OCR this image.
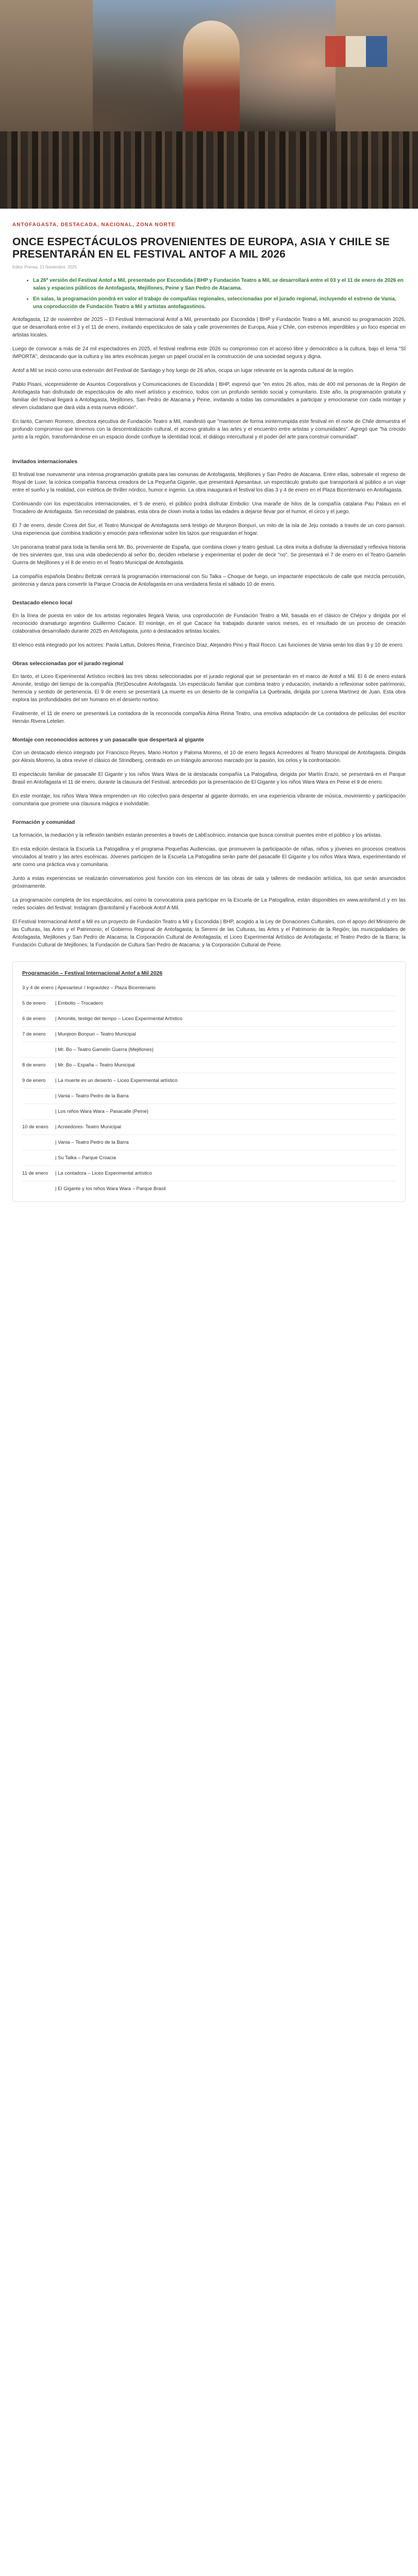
ANTOFAGASTA, DESTACADA, NACIONAL, ZONA NORTE
ONCE ESPECTÁCULOS PROVENIENTES DE EUROPA, ASIA Y CHILE SE PRESENTARÁN EN EL FESTIVAL ANTOF A MIL 2026
Editor Prensa, 13 Noviembre, 2025
• La 26ª versión del Festival Antof a Mil, presentado por Escondida | BHP y Fundación Teatro a Mil, se desarrollará entre el 03 y el 11 de enero de 2026 en salas y espacios públicos de Antofagasta, Mejillones, Peine y San Pedro de Atacama.
• En salas, la programación pondrá en valor el trabajo de compañías regionales, seleccionadas por el jurado regional, incluyendo el estreno de Vania, una coproducción de Fundación Teatro a Mil y artistas antofagastinos.

Antofagasta, 12 de noviembre de 2025 – El Festival Internacional Antof a Mil, presentado por Escondida | BHP y Fundación Teatro a Mil, anunció su programación 2026, que se desarrollará entre el 3 y el 11 de enero, invitando espectáculos de sala y calle provenientes de Europa, Asia y Chile, con estrenos imperdibles y un foco especial en artistas locales.

Luego de convocar a más de 24 mil espectadores en 2025, el festival reafirma este 2026 su compromiso con el acceso libre y democrático a la cultura, bajo el lema "SÍ IMPORTA", destacando que la cultura y las artes escénicas juegan un papel crucial en la construcción de una sociedad segura y digna.

Antof a Mil se inició como una extensión del Festival de Santiago y hoy luego de 26 años, ocupa un lugar relevante en la agenda cultural de la región.

Pablo Pisani, vicepresidente de Asuntos Corporativos y Comunicaciones de Escondida | BHP, expresó que "en estos 26 años, más de 400 mil personas de la Región de Antofagasta han disfrutado de espectáculos de alto nivel artístico y escénico, todos con un profundo sentido social y comunitario. Este año, la programación gratuita y familiar del festival llegará a Antofagasta, Mejillones, San Pedro de Atacama y Peine, invitando a todas las comunidades a participar y emocionarse con cada montaje y eleven ciudadano que dará vida a esta nueva edición".

En tanto, Carmen Romero, directora ejecutiva de Fundación Teatro a Mil, manifestó que "mantener de forma ininterrumpida este festival en el norte de Chile demuestra el profundo compromiso que tenemos con la descentralización cultural, el acceso gratuito a las artes y el encuentro entre artistas y comunidades". Agregó que "ha crecido junto a la región, transformándose en un espacio donde confluye la identidad local, el diálogo intercultural y el poder del arte para construir comunidad".

Invitados internacionales

El festival trae nuevamente una intensa programación gratuita para las comunas de Antofagasta, Mejillones y San Pedro de Atacama. Entre ellas, sobresale el regreso de Royal de Luxe, la icónica compañía francesa creadora de La Pequeña Gigante, que presentará Apesantaur, un espectáculo gratuito que transportará al público a un viaje entre el sueño y la realidad, con estética de thriller nórdico, humor e ingenio. La obra inaugurará el festival los días 3 y 4 de enero en el Plaza Bicentenario en Antofagasta.

Continuando con los espectáculos internacionales, el 5 de enero, el público podrá disfrutar Embolio: Una marañe de hilos de la compañía catalana Pau Palaus en el Trocadero de Antofagasta. Sin necesidad de palabras, esta obra de clown invita a todas las edades a dejarse llevar por el humor, el circo y el juego.

El 7 de enero, desde Corea del Sur, el Teatro Municipal de Antofagasta será testigo de Munjeon Bonpuri, un mito de la isla de Jeju contado a través de un coro pansori. Una experiencia que combina tradición y emoción para reflexionar sobre los lazos que resguardan el hogar.

Un panorama teatral para toda la familia será Mr. Bo, proveniente de España, que combina clown y teatro gestual. La obra invita a disfrutar la diversidad y reflexiva historia de tres sirvientes que, tras una vida obedeciendo al señor Bo, deciden rebelarse y experimentar el poder de decir "no". Se presentará el 7 de enero en el Teatro Gamelin Guerra de Mejillones y el 8 de enero en el Teatro Municipal de Antofagasta.

La compañía española Deabru Beltzak cerrará la programación internacional con Su Talka – Choque de fuego, un impactante espectáculo de calle que mezcla percusión, pirotecnia y danza para convertir la Parque Croacia de Antofagasta en una verdadera fiesta el sábado 10 de enero.

Destacado elenco local

En la línea de puesta en valor de los artistas regionales llegará Vania, una coproducción de Fundación Teatro a Mil, basada en el clásico de Chéjov y dirigida por el reconocido dramaturgo argentino Guillermo Cacace. El montaje, en el que Cacace ha trabajado durante varios meses, es el resultado de un proceso de creación colaborativa desarrollado durante 2025 en Antofagasta, junto a destacados artistas locales.

El elenco está integrado por los actores: Paola Lattus, Dolores Reina, Francisco Díaz, Alejandro Pino y Raúl Rocco. Las funciones de Vania serán los días 9 y 10 de enero.

Obras seleccionadas por el jurado regional

En tanto, el Liceo Experimental Artístico recibirá las tres obras seleccionadas por el jurado regional que se presentarán en el marco de Antof a Mil. El 6 de enero estará Amonite, testigo del tiempo de la compañía (Re)Descubre Antofagasta. Un espectáculo familiar que combina teatro y educación, invitando a reflexionar sobre patrimonio, herencia y sentido de pertenencia. El 9 de enero se presentará La muerte es un desierto de la compañía La Quebrada, dirigida por Lorena Martínez de Juan. Esta obra explora las profundidades del ser humano en el desierto nortino.

Finalmente, el 11 de enero se presentará La contadora de la reconocida compañía Alma Reina Teatro, una emotiva adaptación de La contadora de películas del escritor Hernán Rivera Letelier.

Montaje con reconocidos actores y un pasacalle que despertará al gigante

Con un destacado elenco integrado por Francisco Reyes, Mario Horton y Paloma Moreno, el 10 de enero llegará Acreedores al Teatro Municipal de Antofagasta. Dirigida por Alexis Moreno, la obra revive el clásico de Strindberg, centrado en un triángulo amoroso marcado por la pasión, los celos y la confrontación.

El espectáculo familiar de pasacalle El Gigante y los niños Wara Wara de la destacada compañía La Patogallina, dirigida por Martín Erazo, se presentará en el Parque Brasil en Antofagasta el 11 de enero, durante la clausura del Festival, antecedido por la presentación de El Gigante y los niños Wara Wara en Peine el 9 de enero.

En este montaje, los niños Wara Wara emprenden un rito colectivo para despertar al gigante dormido, en una experiencia vibrante de música, movimiento y participación comunitaria que promete una clausura mágica e inolvidable.

Formación y comunidad

La formación, la mediación y la reflexión también estarán presentes a través de LabEscénico, instancia que busca construir puentes entre el público y los artistas.

En esta edición destaca la Escuela La Patogallina y el programa Pequeñas Audiencias, que promueven la participación de niñas, niños y jóvenes en procesos creativos vinculados al teatro y las artes escénicas. Jóvenes participen de la Escuela La Patogallina serán parte del pasacalle El Gigante y los niños Wara Wara, experimentando el arte como una práctica viva y comunitaria.

Junto a estas experiencias se realizarán conversatorios post función con los elencos de las obras de sala y talleres de mediación artística, los que serán anunciados próximamente.

La programación completa de los espectáculos, así como la convocatoria para participar en la Escuela de La Patogallina, están disponibles en www.antofamil.cl y en las redes sociales del festival: Instagram @antofamil y Facebook Antof A Mil.

El Festival Internacional Antof a Mil es un proyecto de Fundación Teatro a Mil y Escondida | BHP, acogido a la Ley de Donaciones Culturales, con el apoyo del Ministerio de las Culturas, las Artes y el Patrimonio; el Gobierno Regional de Antofagasta; la Seremi de las Culturas, las Artes y el Patrimonio de la Región; las municipalidades de Antofagasta, Mejillones y San Pedro de Atacama; la Corporación Cultural de Antofagasta; el Liceo Experimental Artístico de Antofagasta; el Teatro Pedro de la Barra; la Fundación Cultural de Mejillones; la Fundación de Cultura San Pedro de Atacama; y la Corporación Cultural de Peine.

Programación – Festival Internacional Antof a Mil 2026
3 y 4 de enero | Apesanteur / Ingravidez – Plaza Bicentenario
5 de enero	| Embolio – Trocadero
6 de enero	| Amonite, testigo del tiempo – Liceo Experimental Artístico
7 de enero	| Munjeon Bonpuri – Teatro Municipal
| Mr. Bo – Teatro Gamelin Guerra (Mejillones)
8 de enero	| Mr. Bo – España – Teatro Municipal
9 de enero	| La muerte es un desierto – Liceo Experimental artístico
| Vania – Teatro Pedro de la Barra
| Los niños Wara Wara – Pasacalle (Peine)
10 de enero	| Acreedores- Teatro Municipal
| Vania – Teatro Pedro de la Barra
| Su Talka – Parque Croacia
11 de enero	| La contadora – Liceo Experimental artístico
| El Gigante y los niños Wara Wara – Parque Brasil
